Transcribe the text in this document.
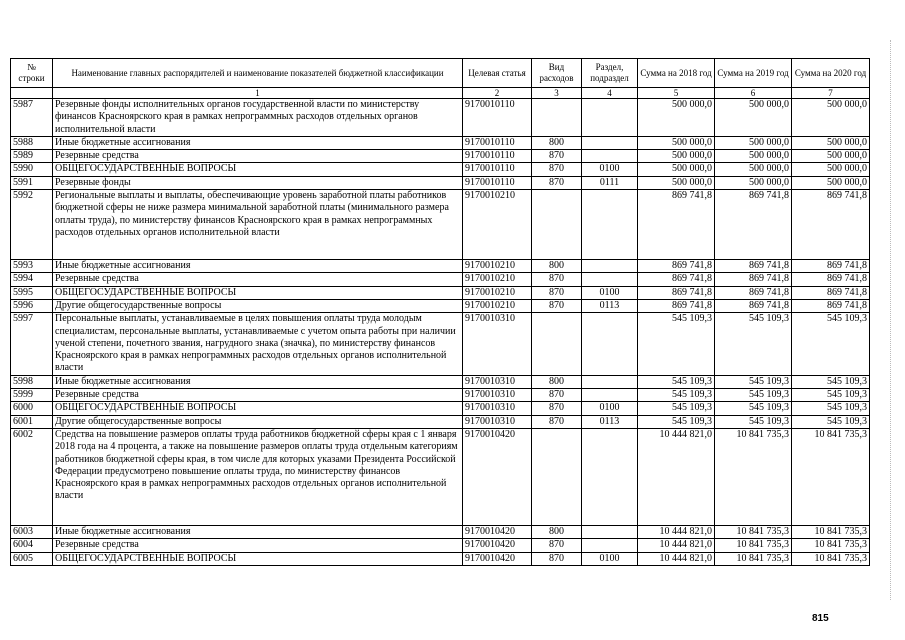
№ строки	Наименование главных распорядителей и наименование показателей бюджетной классификации	Целевая статья	Вид расходов	Раздел, подраздел	Сумма на 2018 год	Сумма на 2019 год	Сумма на 2020 год
	1	2	3	4	5	6	7
5987	Резервные фонды исполнительных органов государственной власти по министерству финансов Красноярского края в рамках непрограммных расходов отдельных органов исполнительной власти	9170010110			500 000,0	500 000,0	500 000,0
5988	Иные бюджетные ассигнования	9170010110	800		500 000,0	500 000,0	500 000,0
5989	Резервные средства	9170010110	870		500 000,0	500 000,0	500 000,0
5990	ОБЩЕГОСУДАРСТВЕННЫЕ ВОПРОСЫ	9170010110	870	0100	500 000,0	500 000,0	500 000,0
5991	Резервные фонды	9170010110	870	0111	500 000,0	500 000,0	500 000,0
5992	Региональные выплаты и выплаты, обеспечивающие уровень заработной платы работников бюджетной сферы не ниже размера минимальной заработной платы (минимального размера оплаты труда), по министерству финансов Красноярского края в рамках непрограммных расходов отдельных органов исполнительной власти	9170010210			869 741,8	869 741,8	869 741,8
5993	Иные бюджетные ассигнования	9170010210	800		869 741,8	869 741,8	869 741,8
5994	Резервные средства	9170010210	870		869 741,8	869 741,8	869 741,8
5995	ОБЩЕГОСУДАРСТВЕННЫЕ ВОПРОСЫ	9170010210	870	0100	869 741,8	869 741,8	869 741,8
5996	Другие общегосударственные вопросы	9170010210	870	0113	869 741,8	869 741,8	869 741,8
5997	Персональные выплаты, устанавливаемые в целях повышения оплаты труда молодым специалистам, персональные выплаты, устанавливаемые с учетом опыта работы при наличии ученой степени, почетного звания, нагрудного знака (значка), по министерству финансов Красноярского края в рамках непрограммных расходов отдельных органов исполнительной власти	9170010310			545 109,3	545 109,3	545 109,3
5998	Иные бюджетные ассигнования	9170010310	800		545 109,3	545 109,3	545 109,3
5999	Резервные средства	9170010310	870		545 109,3	545 109,3	545 109,3
6000	ОБЩЕГОСУДАРСТВЕННЫЕ ВОПРОСЫ	9170010310	870	0100	545 109,3	545 109,3	545 109,3
6001	Другие общегосударственные вопросы	9170010310	870	0113	545 109,3	545 109,3	545 109,3
6002	Средства на повышение размеров оплаты труда работников бюджетной сферы края с 1 января 2018 года на 4 процента, а также на повышение размеров оплаты труда отдельным категориям работников бюджетной сферы края, в том числе для которых указами Президента Российской Федерации предусмотрено повышение оплаты труда, по министерству финансов Красноярского края в рамках непрограммных расходов отдельных органов исполнительной власти	9170010420			10 444 821,0	10 841 735,3	10 841 735,3
6003	Иные бюджетные ассигнования	9170010420	800		10 444 821,0	10 841 735,3	10 841 735,3
6004	Резервные средства	9170010420	870		10 444 821,0	10 841 735,3	10 841 735,3
6005	ОБЩЕГОСУДАРСТВЕННЫЕ ВОПРОСЫ	9170010420	870	0100	10 444 821,0	10 841 735,3	10 841 735,3
815
